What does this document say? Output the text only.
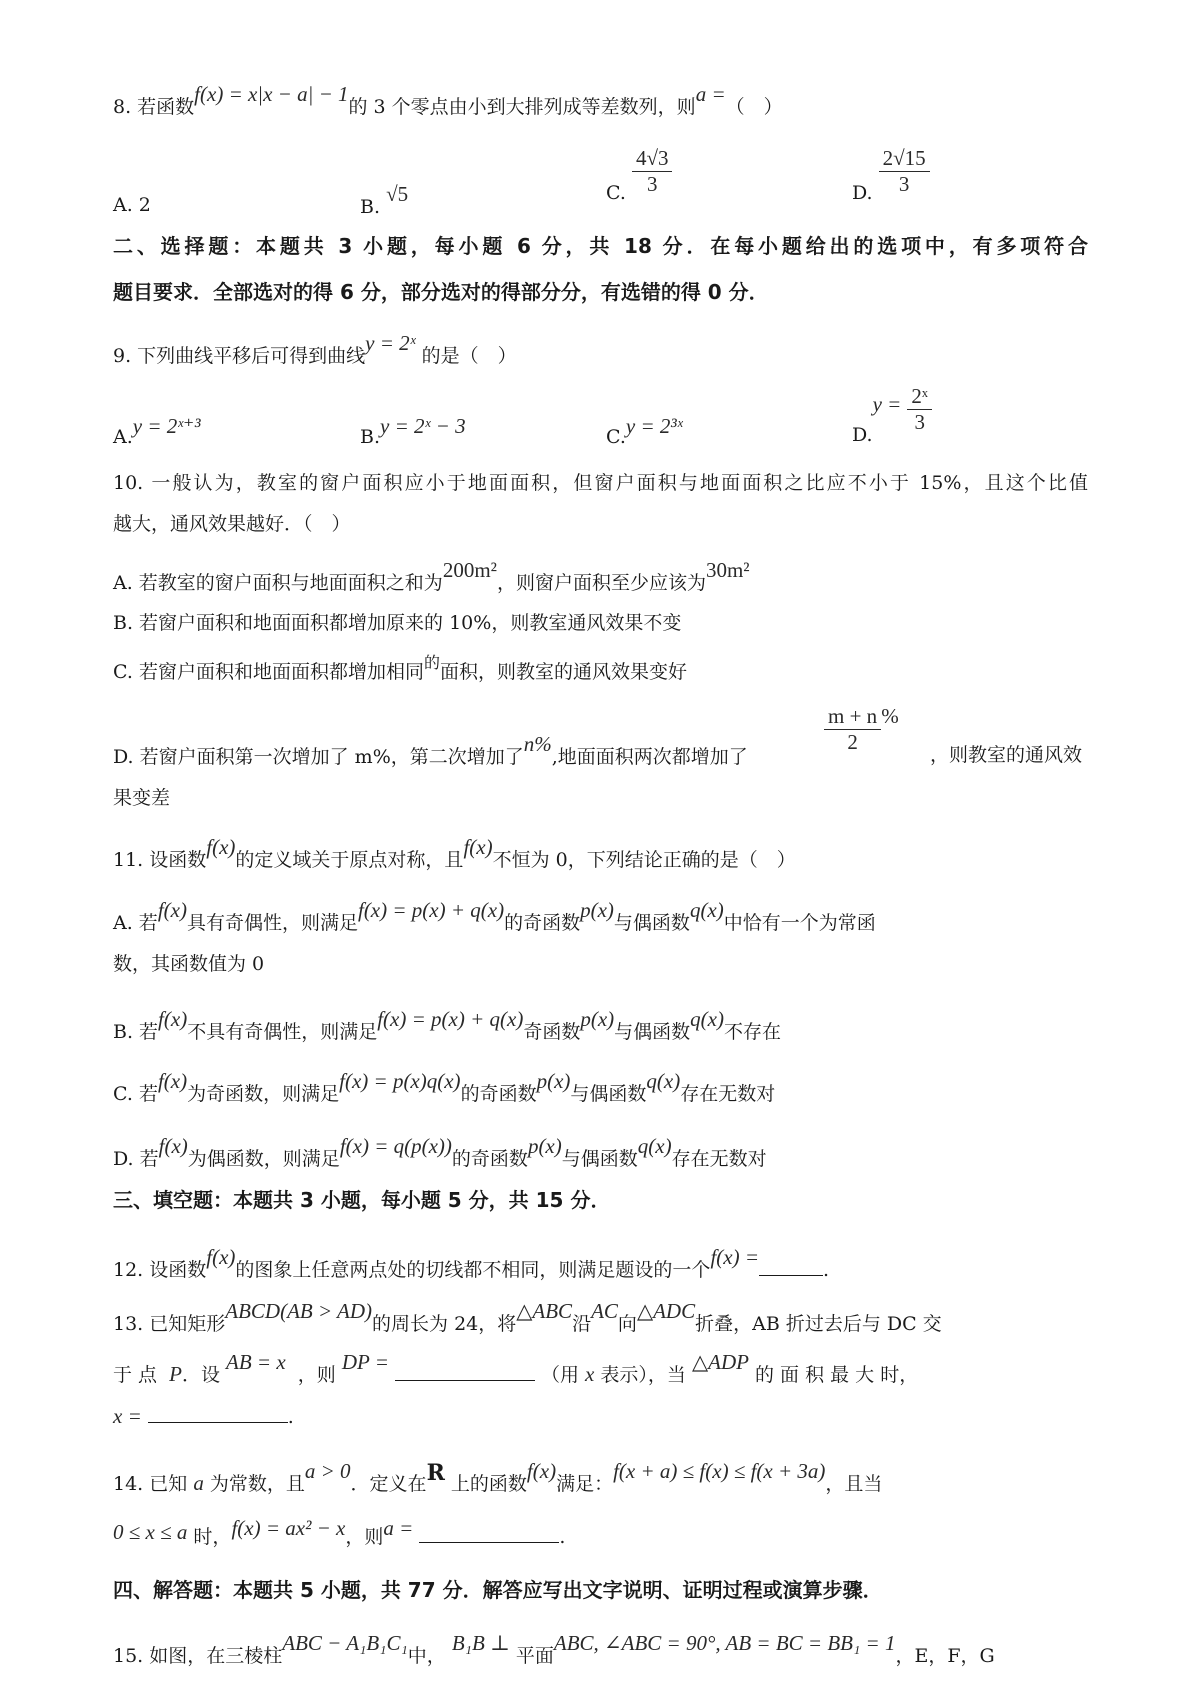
8. 若函数f(x) = x|x − a| − 1的 3 个零点由小到大排列成等差数列，则a =（　）
A. 2	B. √5	C. $\frac{4√3}{3}$	D. $\frac{2√15}{3}$
二、选择题：本题共 3 小题，每小题 6 分，共 18 分．在每小题给出的选项中，有多项符合
题目要求．全部选对的得 6 分，部分选对的得部分分，有选错的得 0 分．
9. 下列曲线平移后可得到曲线y = 2ˣ 的是（　）
A.y = 2ˣ⁺³	B.y = 2ˣ − 3	C.y = 2³ˣ	$D.y = \frac{\text{2ˣ}}{3}$
10. 一般认为，教室的窗户面积应小于地面面积，但窗户面积与地面面积之比应不小于 15%，且这个比值
越大，通风效果越好．（　）
A. 若教室的窗户面积与地面面积之和为200m²，则窗户面积至少应该为30m²
B. 若窗户面积和地面面积都增加原来的 10%，则教室通风效果不变
C. 若窗户面积和地面面积都增加相同$^的$面积，则教室的通风效果变好
D. 若窗户面积第一次增加了 m%，第二次增加了n%,地面面积两次都增加了
$\frac{m + n}{2}$ %
，则教室的通风效
果变差
11. 设函数f(x)的定义域关于原点对称，且f(x)不恒为 0，下列结论正确的是（　）
A. 若f(x)具有奇偶性，则满足f(x) = p(x) + q(x)的奇函数p(x)与偶函数q(x)中恰有一个为常函
数，其函数值为 0
B. 若f(x)不具有奇偶性，则满足f(x) = p(x) + q(x)奇函数p(x)与偶函数q(x)不存在
C. 若f(x)为奇函数，则满足f(x) = p(x)q(x)的奇函数p(x)与偶函数q(x)存在无数对
D. 若f(x)为偶函数，则满足f(x) = q(p(x))的奇函数p(x)与偶函数q(x)存在无数对
三、填空题：本题共 3 小题，每小题 5 分，共 15 分．
12. 设函数f(x)的图象上任意两点处的切线都不相同，则满足题设的一个f(x) =.
13. 已知矩形ABCD(AB > AD)的周长为 24，将△ABC沿AC向△ADC折叠，AB 折过去后与 DC 交
于 点 P．设 AB = x  ，则 DP =  （用 x 表示），当 △ADP 的 面 积 最 大 时，
x =	.
14. 已知 a 为常数，且a > 0．定义在R 上的函数f(x)满足：f(x + a) ≤ f(x) ≤ f(x + 3a)，且当
0 ≤ x ≤ a 时，f(x) = ax² − x，则a =	.
四、解答题：本题共 5 小题，共 77 分．解答应写出文字说明、证明过程或演算步骤．
15. 如图，在三棱柱ABC − A₁B₁C₁中， B₁B ⊥ 平面ABC, ∠ABC = 90°, AB = BC = BB₁ = 1，E，F，G
